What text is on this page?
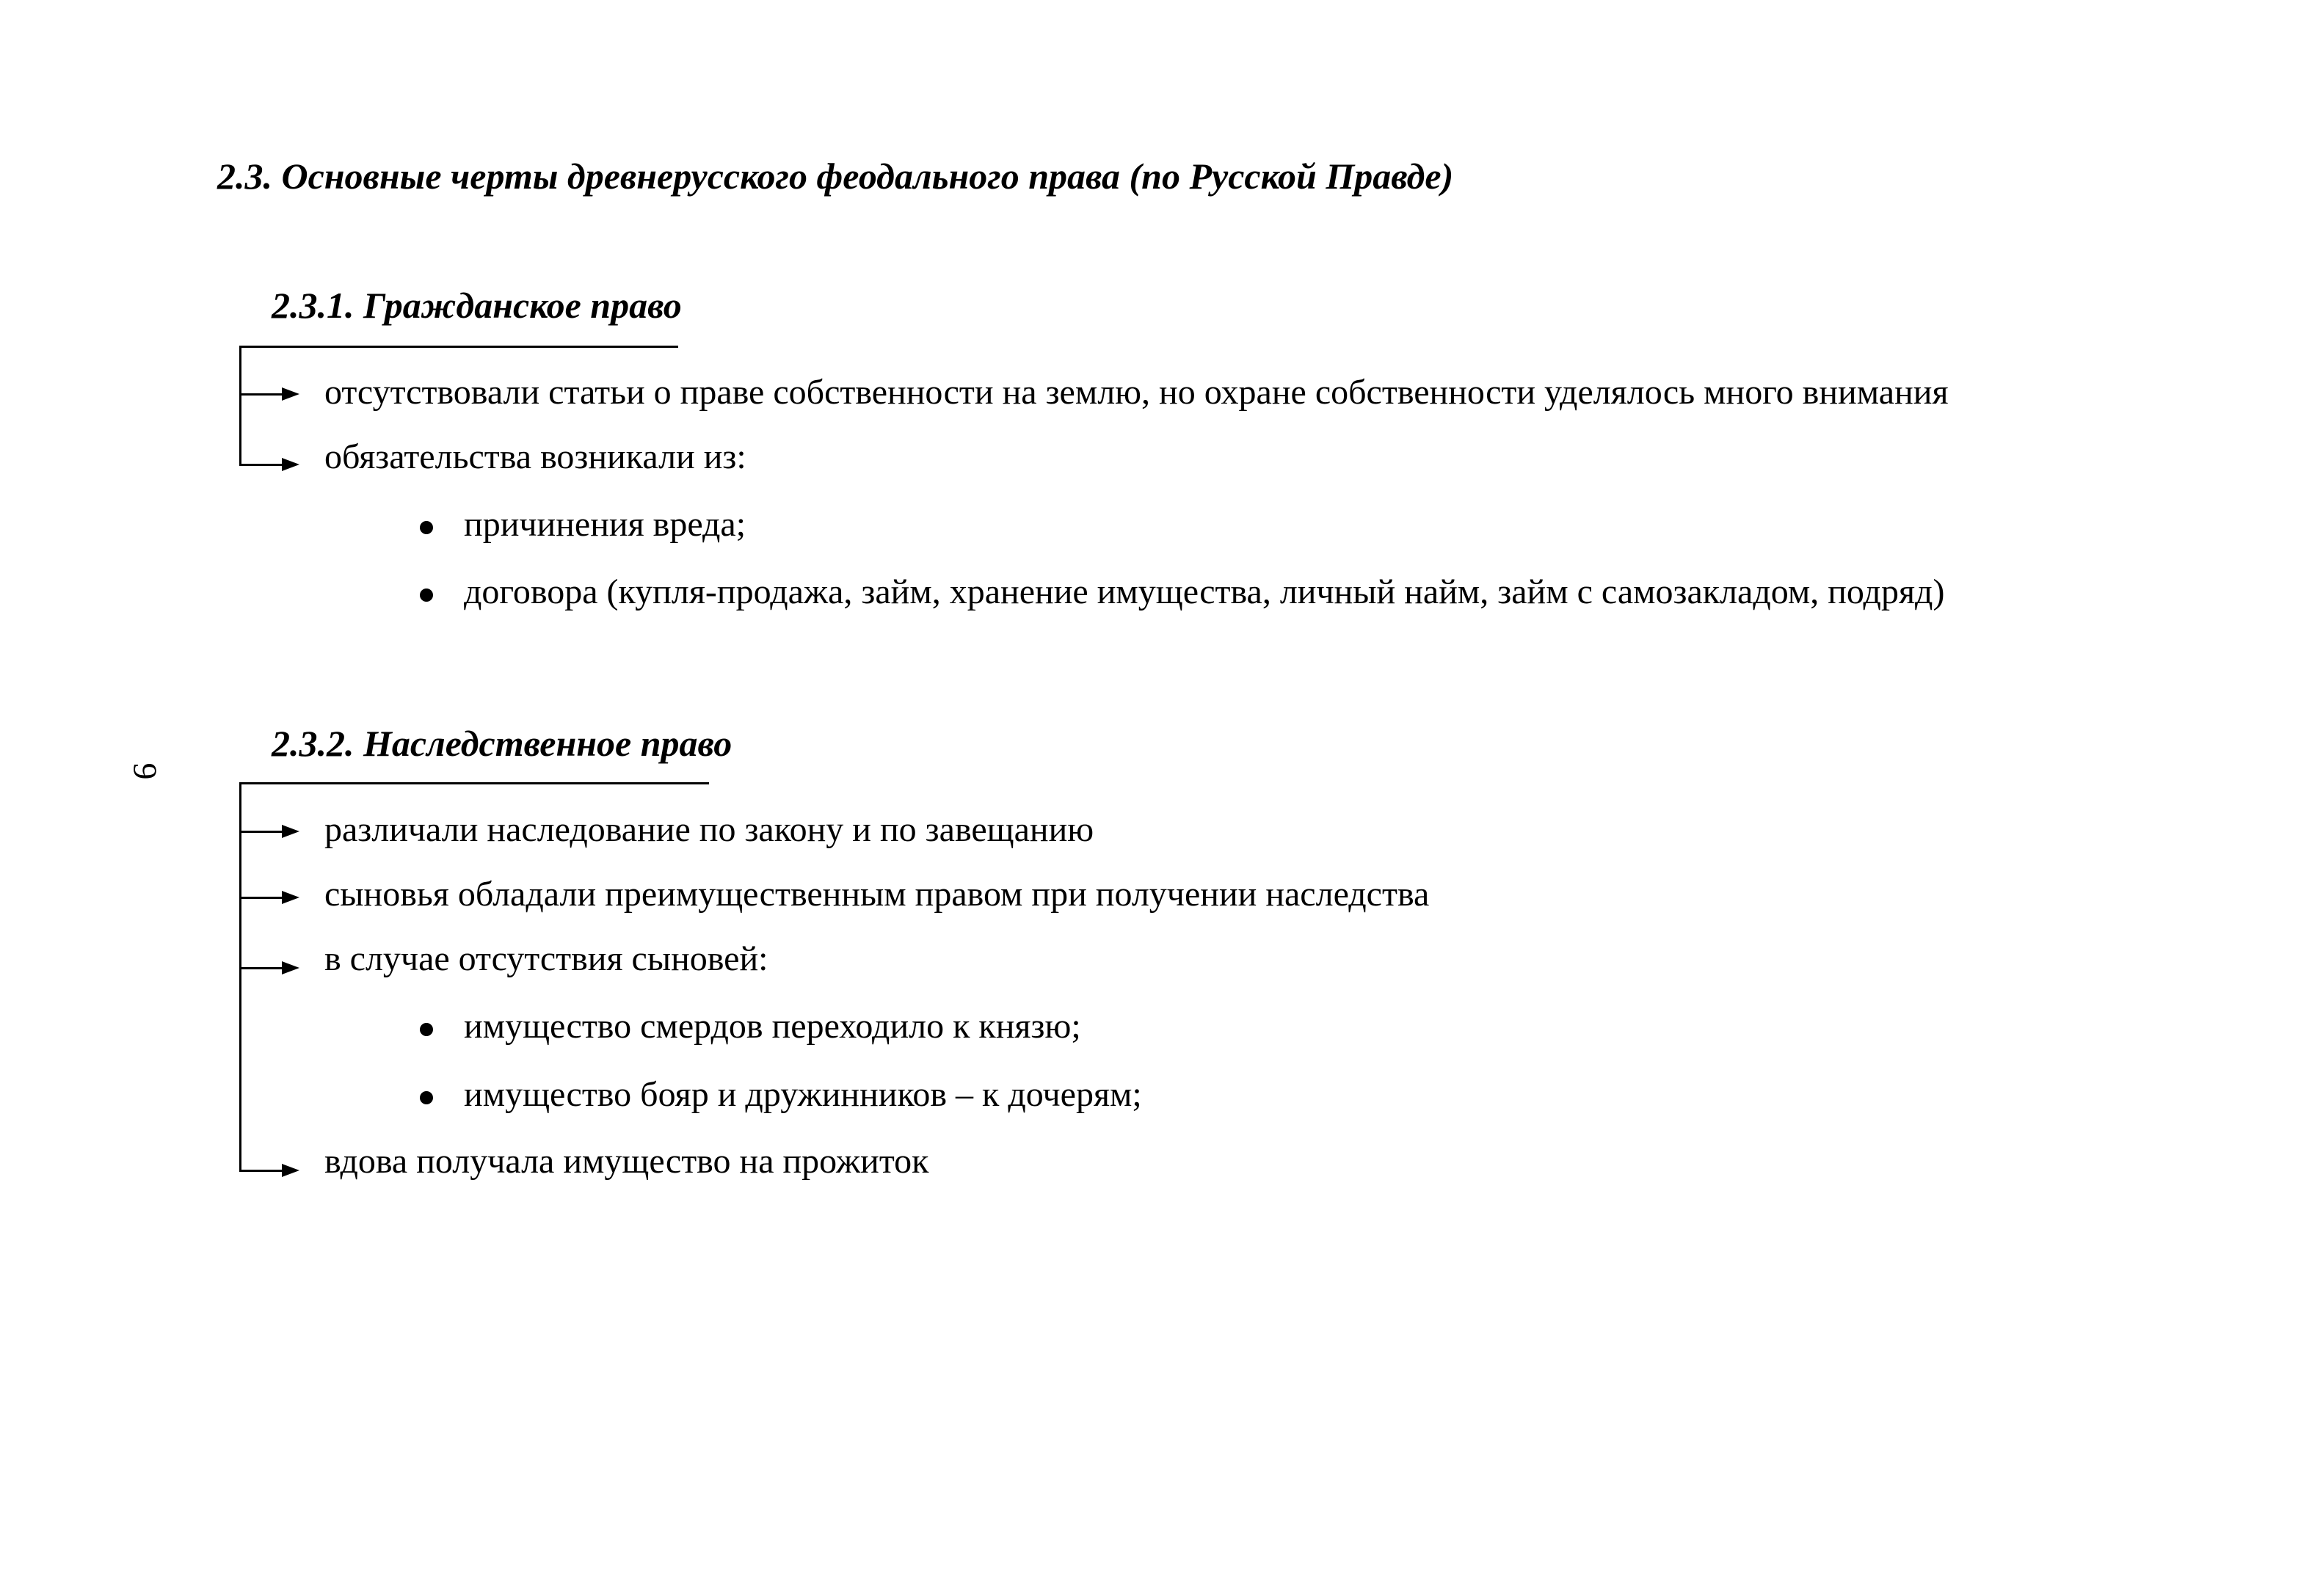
9
2.3. Основные черты древнерусского феодального права (по Русской Правде)
2.3.1. Гражданское право
отсутствовали статьи о праве собственности на землю, но охране собственности уделялось много внимания
обязательства возникали из:
причинения вреда;
договора (купля-продажа, займ, хранение имущества, личный найм, займ с самозакладом, подряд)
2.3.2. Наследственное право
различали наследование по закону и по завещанию
сыновья обладали преимущественным правом при получении наследства
в случае отсутствия сыновей:
имущество смердов переходило к князю;
имущество бояр и дружинников – к дочерям;
вдова получала имущество на прожиток
